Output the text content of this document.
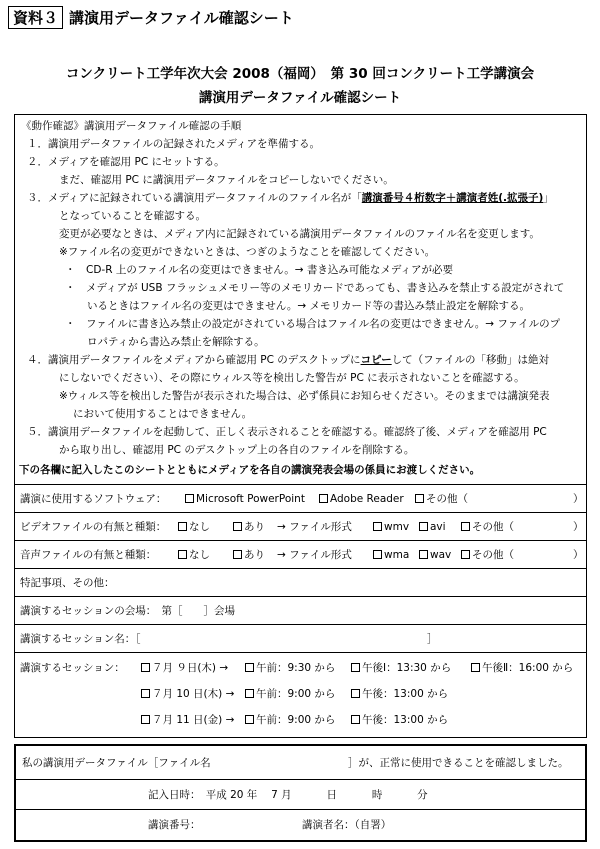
資料３ 講演用データファイル確認シート
コンクリート工学年次大会 2008（福岡）　第 30 回コンクリート工学講演会
講演用データファイル確認シート
《動作確認》講演用データファイル確認の手順
１．講演用データファイルの記録されたメディアを準備する。
２．メディアを確認用 PC にセットする。
まだ、確認用 PC に講演用データファイルをコピーしないでください。
３．メディアに記録されている講演用データファイルのファイル名が「講演番号４桁数字＋講演者姓(.拡張子)」
となっていることを確認する。
変更が必要なときは、メディア内に記録されている講演用データファイルのファイル名を変更します。
※ファイル名の変更ができないときは、つぎのようなことを確認してください。
・　CD-R 上のファイル名の変更はできません。→ 書き込み可能なメディアが必要
・　メディアが USB フラッシュメモリー等のメモリカードであっても、書き込みを禁止する設定がされて
いるときはファイル名の変更はできません。→ メモリカード等の書込み禁止設定を解除する。
・　ファイルに書き込み禁止の設定がされている場合はファイル名の変更はできません。→ ファイルのプ
ロパティから書込み禁止を解除する。
４．講演用データファイルをメディアから確認用 PC のデスクトップにコピーして（ファイルの「移動」は絶対
にしないでください）、その際にウィルス等を検出した警告が PC に表示されないことを確認する。
※ウィルス等を検出した警告が表示された場合は、必ず係員にお知らせください。そのままでは講演発表
において使用することはできません。
５．講演用データファイルを起動して、正しく表示されることを確認する。確認終了後、メディアを確認用 PC
から取り出し、確認用 PC のデスクトップ上の各自のファイルを削除する。
下の各欄に記入したこのシートとともにメディアを各自の講演発表会場の係員にお渡しください。
講演に使用するソフトウェア：	Microsoft PowerPoint	Adobe Reader	その他（	）
ビデオファイルの有無と種類：	なし	あり → ファイル形式	wmv	avi	その他（	）
音声ファイルの有無と種類：	なし	あり → ファイル形式	wma	wav	その他（	）
特記事項、その他：
講演するセッションの会場：　第［　　］会場
講演するセッション名：［	］
講演するセッション：	７月 ９日(木) →	午前：9:30 から	午後Ⅰ：13:30 から	午後Ⅱ：16:00 から
７月 10 日(木) →	午前：9:00 から	午後：13:00 から
７月 11 日(金) →	午前：9:00 から	午後：13:00 から
私の講演用データファイル［ファイル名	］が、正常に使用できることを確認しました。
記入日時：　平成 20 年　 7 月　　　 日　　　 時　　　 分
講演番号：	講演者名：（自署）
